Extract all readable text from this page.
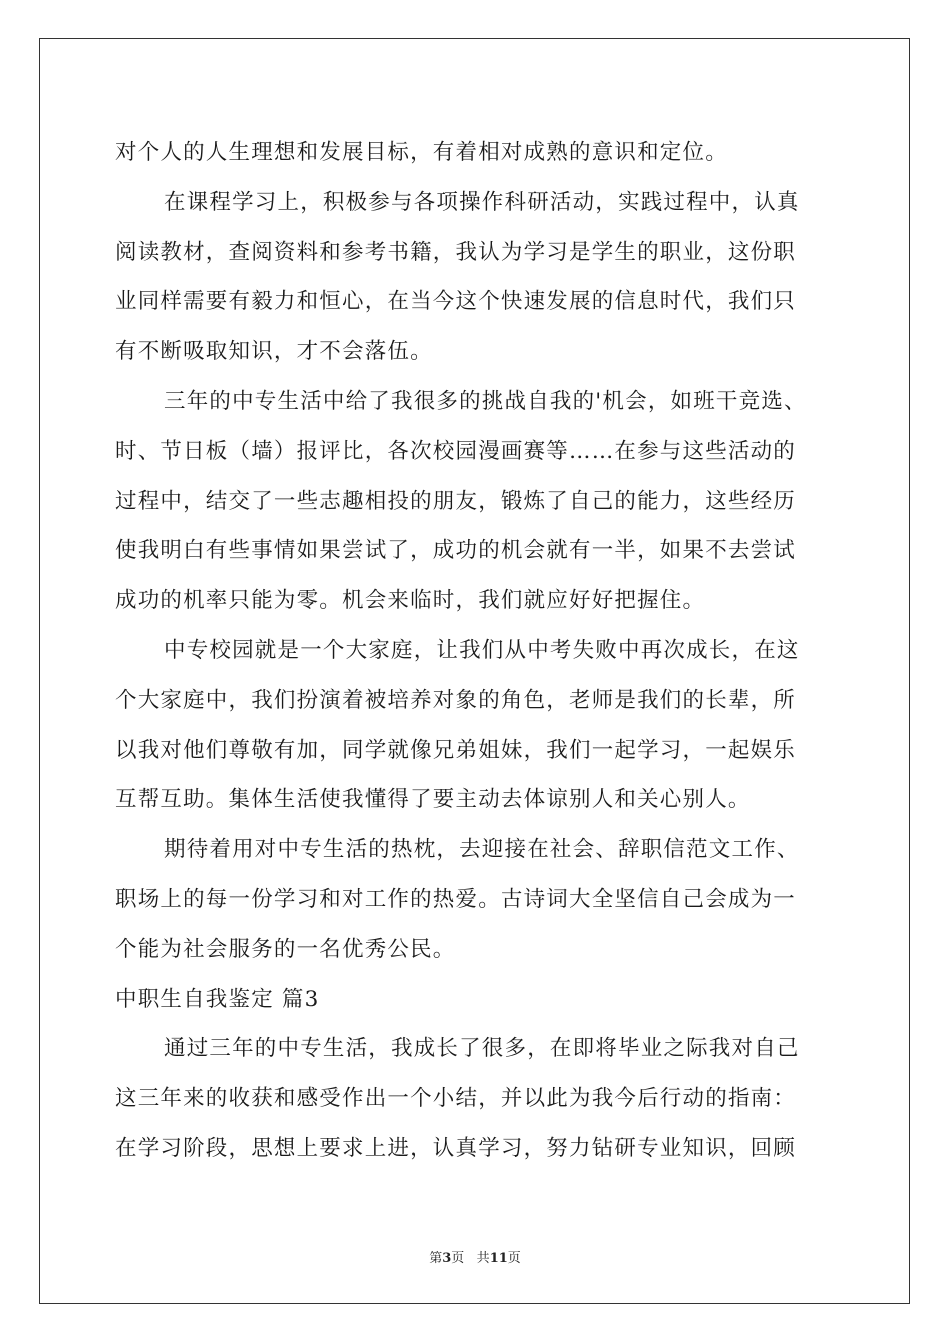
对个人的人生理想和发展目标，有着相对成熟的意识和定位。
在课程学习上，积极参与各项操作科研活动，实践过程中，认真
阅读教材，查阅资料和参考书籍，我认为学习是学生的职业，这份职
业同样需要有毅力和恒心，在当今这个快速发展的信息时代，我们只
有不断吸取知识，才不会落伍。
三年的中专生活中给了我很多的挑战自我的'机会，如班干竞选、
时、节日板（墙）报评比，各次校园漫画赛等……在参与这些活动的
过程中，结交了一些志趣相投的朋友，锻炼了自己的能力，这些经历
使我明白有些事情如果尝试了，成功的机会就有一半，如果不去尝试
成功的机率只能为零。机会来临时，我们就应好好把握住。
中专校园就是一个大家庭，让我们从中考失败中再次成长，在这
个大家庭中，我们扮演着被培养对象的角色，老师是我们的长辈，所
以我对他们尊敬有加，同学就像兄弟姐妹，我们一起学习，一起娱乐
互帮互助。集体生活使我懂得了要主动去体谅别人和关心别人。
期待着用对中专生活的热枕，去迎接在社会、辞职信范文工作、
职场上的每一份学习和对工作的热爱。古诗词大全坚信自己会成为一
个能为社会服务的一名优秀公民。
中职生自我鉴定 篇3
通过三年的中专生活，我成长了很多，在即将毕业之际我对自己
这三年来的收获和感受作出一个小结，并以此为我今后行动的指南：
在学习阶段，思想上要求上进，认真学习，努力钻研专业知识，回顾
第3页 共11页
